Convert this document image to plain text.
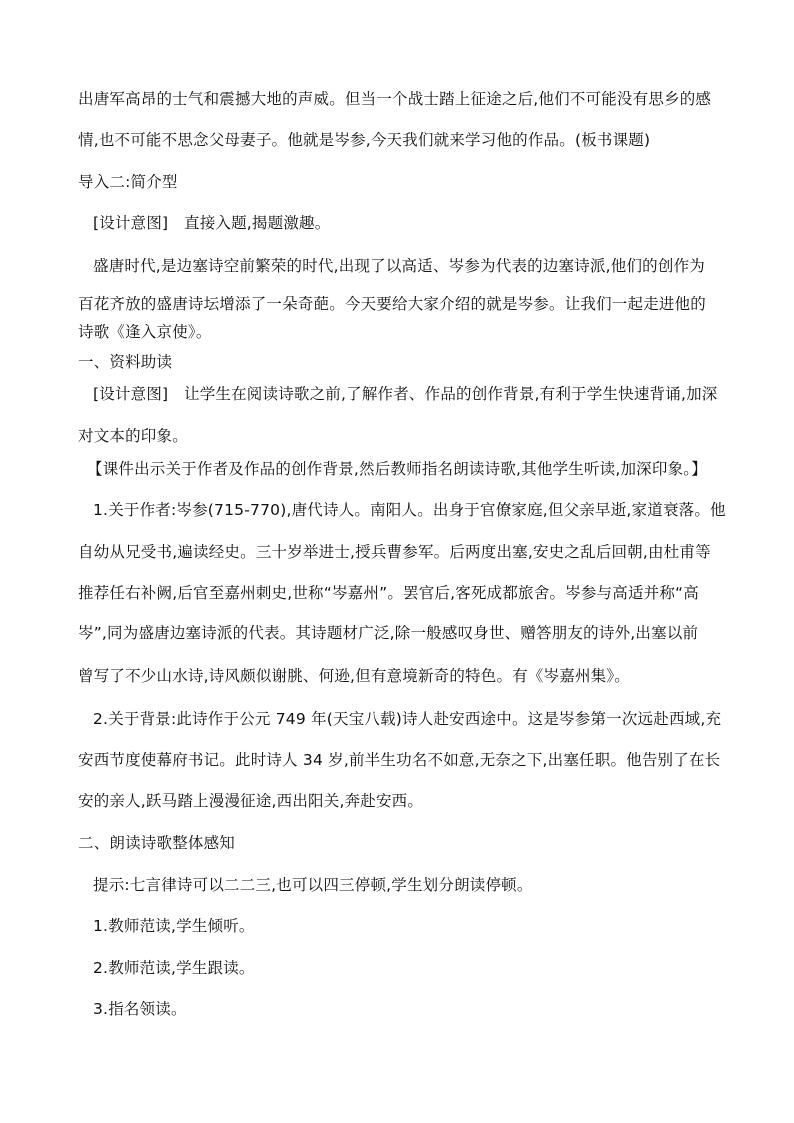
出唐军高昂的士气和震撼大地的声威。但当一个战士踏上征途之后,他们不可能没有思乡的感
情,也不可能不思念父母妻子。他就是岑参,今天我们就来学习他的作品。(板书课题)
导入二:简介型
[设计意图]　直接入题,揭题激趣。
盛唐时代,是边塞诗空前繁荣的时代,出现了以高适、岑参为代表的边塞诗派,他们的创作为
百花齐放的盛唐诗坛增添了一朵奇葩。今天要给大家介绍的就是岑参。让我们一起走进他的
诗歌《逢入京使》。
一、资料助读
[设计意图]　让学生在阅读诗歌之前,了解作者、作品的创作背景,有利于学生快速背诵,加深
对文本的印象。
【课件出示关于作者及作品的创作背景,然后教师指名朗读诗歌,其他学生听读,加深印象。】
1.关于作者:岑参(715-770),唐代诗人。南阳人。出身于官僚家庭,但父亲早逝,家道衰落。他
自幼从兄受书,遍读经史。三十岁举进士,授兵曹参军。后两度出塞,安史之乱后回朝,由杜甫等
推荐任右补阙,后官至嘉州刺史,世称“岑嘉州”。罢官后,客死成都旅舍。岑参与高适并称“高
岑”,同为盛唐边塞诗派的代表。其诗题材广泛,除一般感叹身世、赠答朋友的诗外,出塞以前
曾写了不少山水诗,诗风颇似谢朓、何逊,但有意境新奇的特色。有《岑嘉州集》。
2.关于背景:此诗作于公元 749 年(天宝八载)诗人赴安西途中。这是岑参第一次远赴西域,充
安西节度使幕府书记。此时诗人 34 岁,前半生功名不如意,无奈之下,出塞任职。他告别了在长
安的亲人,跃马踏上漫漫征途,西出阳关,奔赴安西。
二、朗读诗歌整体感知
提示:七言律诗可以二二三,也可以四三停顿,学生划分朗读停顿。
1.教师范读,学生倾听。
2.教师范读,学生跟读。
3.指名领读。
